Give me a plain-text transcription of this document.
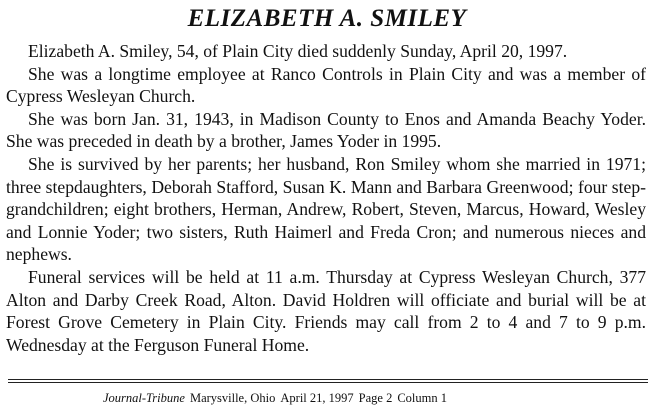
ELIZABETH A. SMILEY

Elizabeth A. Smiley, 54, of Plain City died suddenly Sunday, April 20, 1997.

She was a longtime employee at Ranco Controls in Plain City and was a member of Cypress Wesleyan Church.

She was born Jan. 31, 1943, in Madison County to Enos and Amanda Beachy Yoder. She was preceded in death by a brother, James Yoder in 1995.

She is survived by her parents; her husband, Ron Smiley whom she married in 1971; three stepdaughters, Deborah Stafford, Susan K. Mann and Barbara Greenwood; four step-grandchildren; eight brothers, Herman, Andrew, Robert, Steven, Marcus, Howard, Wesley and Lonnie Yoder; two sisters, Ruth Haimerl and Freda Cron; and numerous nieces and nephews.

Funeral services will be held at 11 a.m. Thursday at Cypress Wesleyan Church, 377 Alton and Darby Creek Road, Alton. David Holdren will officiate and burial will be at Forest Grove Cemetery in Plain City. Friends may call from 2 to 4 and 7 to 9 p.m. Wednesday at the Ferguson Funeral Home.

Journal-Tribune Marysville, Ohio April 21, 1997 Page 2 Column 1
